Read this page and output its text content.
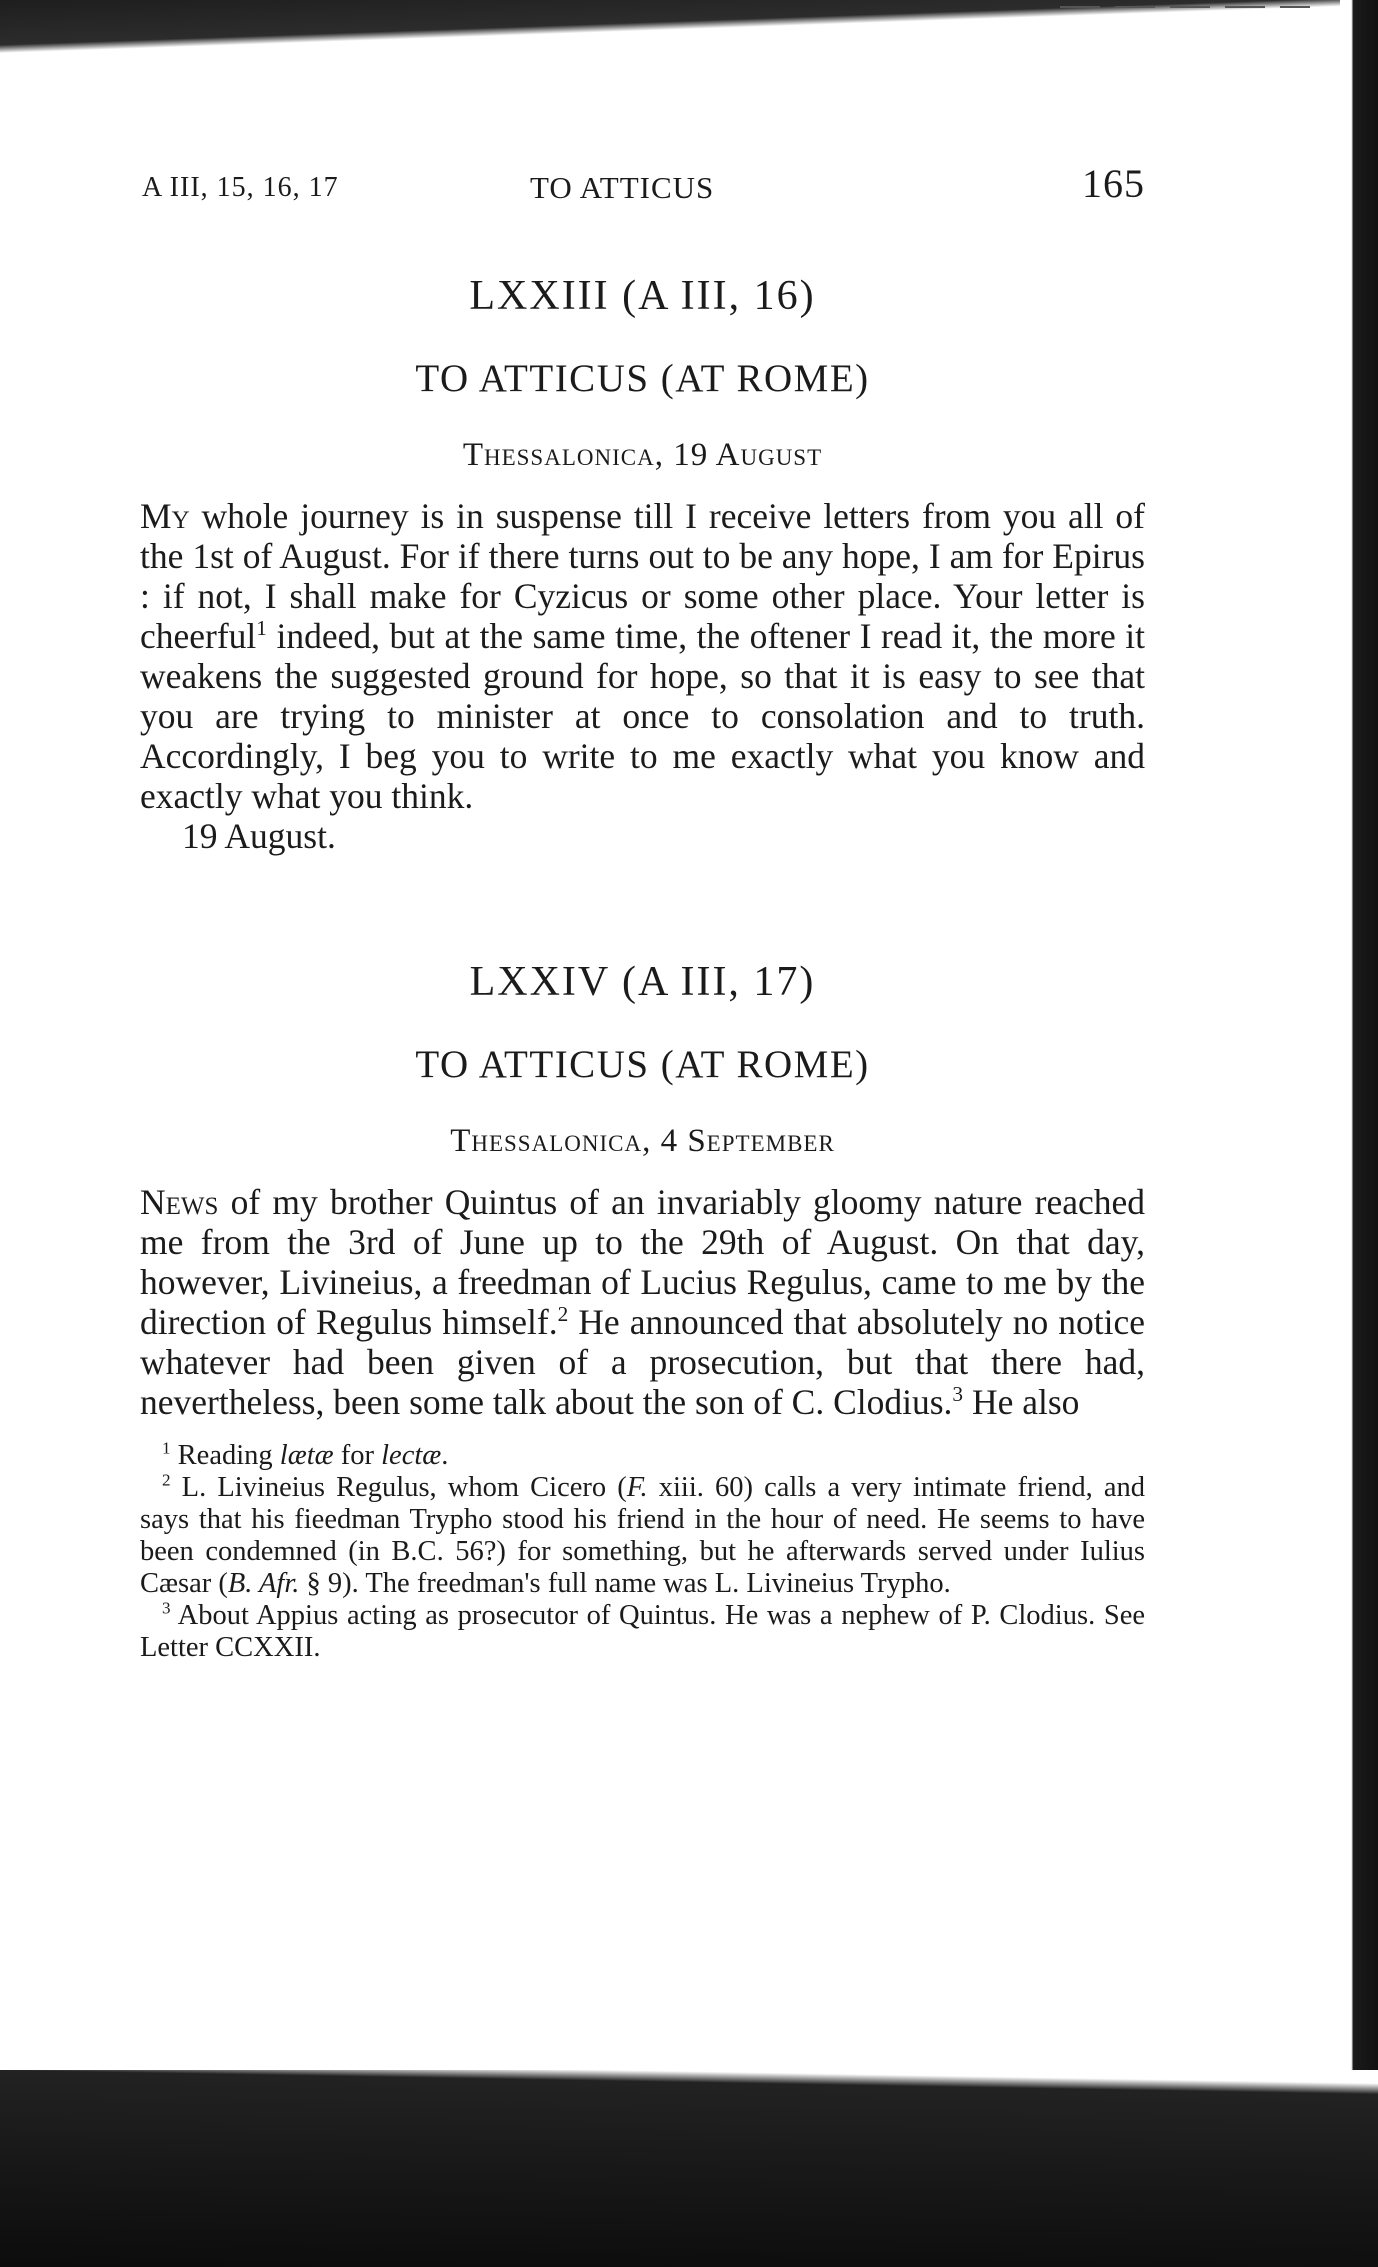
A III, 15, 16, 17	TO ATTICUS	165

LXXIII (A III, 16)

TO ATTICUS (AT ROME)

Thessalonica, 19 August

My whole journey is in suspense till I receive letters from you all of the 1st of August. For if there turns out to be any hope, I am for Epirus : if not, I shall make for Cyzicus or some other place. Your letter is cheerful$^1$ indeed, but at the same time, the oftener I read it, the more it weakens the suggested ground for hope, so that it is easy to see that you are trying to minister at once to consolation and to truth. Accordingly, I beg you to write to me exactly what you know and exactly what you think.

19 August.

LXXIV (A III, 17)

TO ATTICUS (AT ROME)

Thessalonica, 4 September

News of my brother Quintus of an invariably gloomy nature reached me from the 3rd of June up to the 29th of August. On that day, however, Livineius, a freedman of Lucius Regulus, came to me by the direction of Regulus himself.$^2$ He announced that absolutely no notice whatever had been given of a prosecution, but that there had, nevertheless, been some talk about the son of C. Clodius.$^3$ He also

$^1$ Reading lætæ for lectæ.

$^2$ L. Livineius Regulus, whom Cicero (F. xiii. 60) calls a very intimate friend, and says that his fieedman Trypho stood his friend in the hour of need. He seems to have been condemned (in B.C. 56?) for something, but he afterwards served under Iulius Cæsar (B. Afr. § 9). The freedman's full name was L. Livineius Trypho.

$^3$ About Appius acting as prosecutor of Quintus. He was a nephew of P. Clodius. See Letter CCXXII.
